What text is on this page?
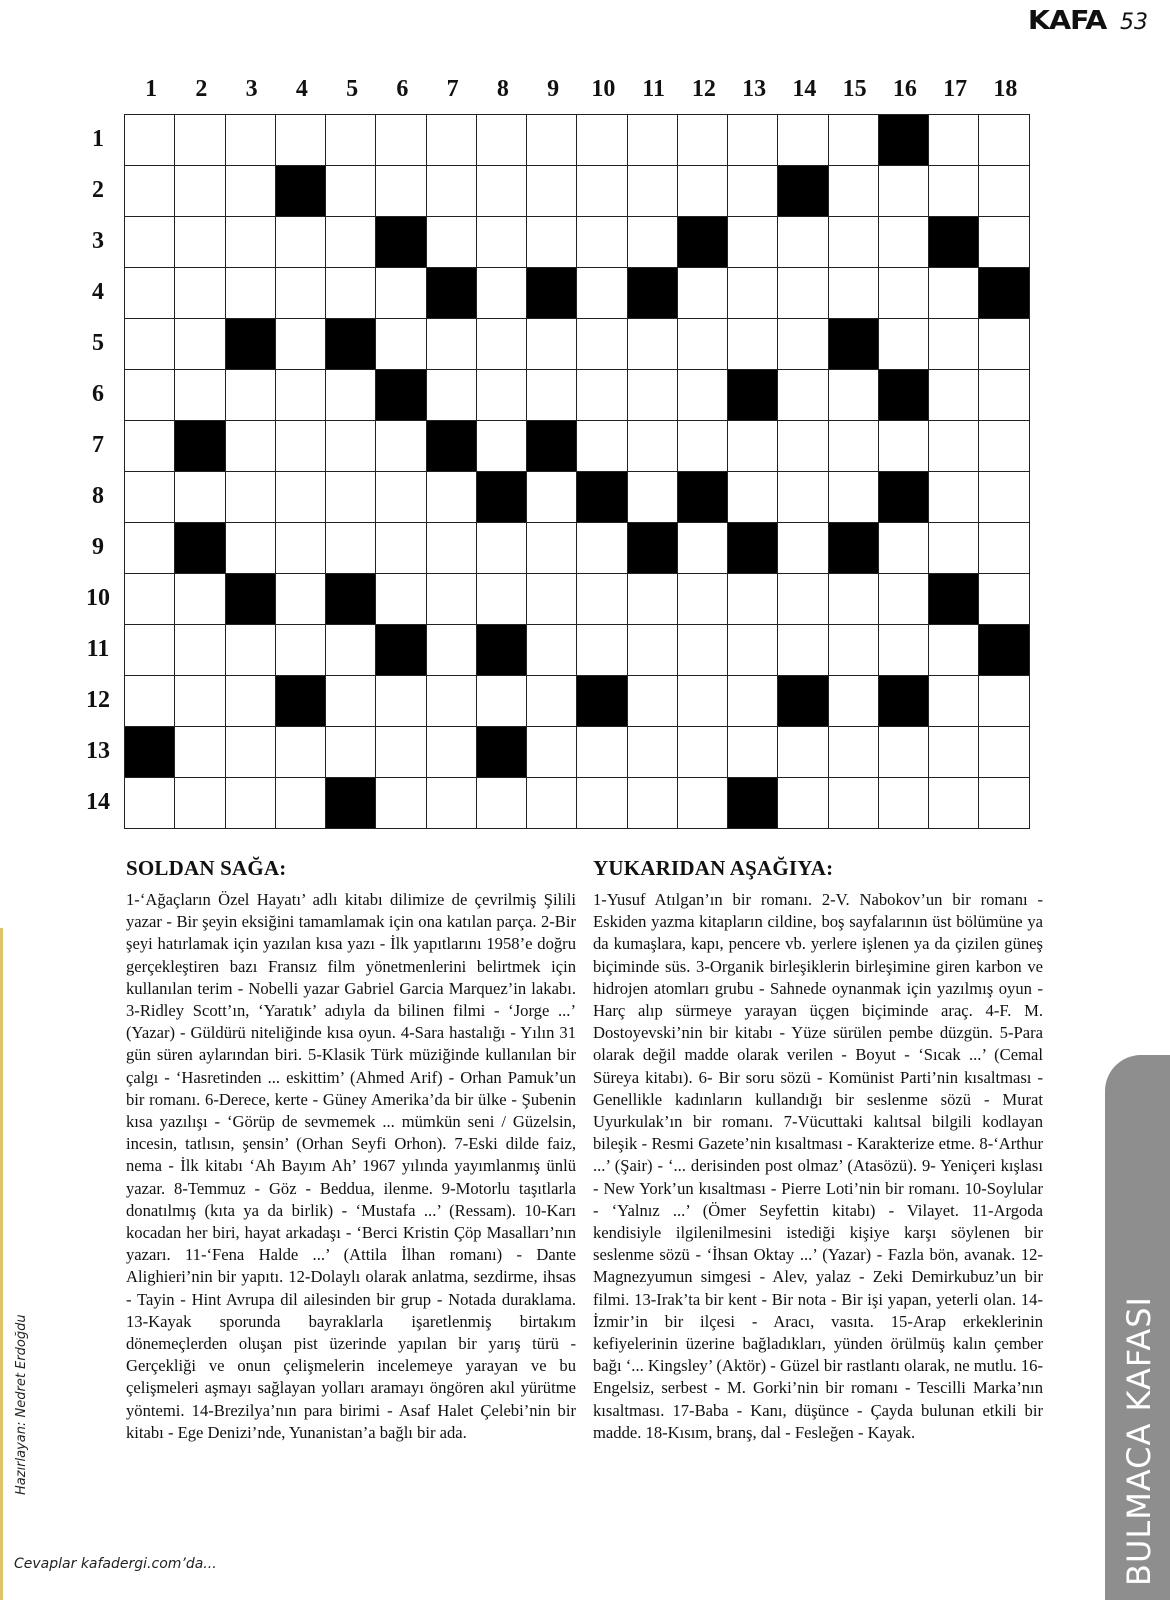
KAFA 53
1	2	3	4	5	6	7	8	9	10	11	12	13	14	15	16	17	18
1
2
3
4
5
6
7
8
9
10
11
12
13
14
SOLDAN SAĞA:

1-‘Ağaçların Özel Hayatı’ adlı kitabı dilimize de çevrilmiş Şilili yazar - Bir şeyin eksiğini tamamlamak için ona katılan parça. 2-Bir şeyi hatırlamak için yazılan kısa yazı - İlk yapıtlarını 1958’e doğru gerçekleştiren bazı Fransız film yönetmenlerini belirtmek için kullanılan terim - Nobelli yazar Gabriel Garcia Marquez’in lakabı. 3-Ridley Scott’ın, ‘Yaratık’ adıyla da bilinen filmi - ‘Jorge ...’ (Yazar) - Güldürü niteliğinde kısa oyun. 4-Sara hastalığı - Yılın 31 gün süren aylarından biri. 5-Klasik Türk müziğinde kullanılan bir çalgı - ‘Hasretinden ... eskittim’ (Ahmed Arif) - Orhan Pamuk’un bir romanı. 6-Derece, kerte - Güney Amerika’da bir ülke - Şubenin kısa yazılışı - ‘Görüp de sevmemek ... mümkün seni / Güzelsin, incesin, tatlısın, şensin’ (Orhan Seyfi Orhon). 7-Eski dilde faiz, nema - İlk kitabı ‘Ah Bayım Ah’ 1967 yılında yayımlanmış ünlü yazar. 8-Temmuz - Göz - Beddua, ilenme. 9-Motorlu taşıtlarla donatılmış (kıta ya da birlik) - ‘Mustafa ...’ (Ressam). 10-Karı kocadan her biri, hayat arkadaşı - ‘Berci Kristin Çöp Masalları’nın yazarı. 11-‘Fena Halde ...’ (Attila İlhan romanı) - Dante Alighieri’nin bir yapıtı. 12-Dolaylı olarak anlatma, sezdirme, ihsas - Tayin - Hint Avrupa dil ailesinden bir grup - Notada duraklama. 13-Kayak sporunda bayraklarla işaretlenmiş birtakım dönemeçlerden oluşan pist üzerinde yapılan bir yarış türü - Gerçekliği ve onun çelişmelerin incelemeye yarayan ve bu çelişmeleri aşmayı sağlayan yolları aramayı öngören akıl yürütme yöntemi. 14-Brezilya’nın para birimi - Asaf Halet Çelebi’nin bir kitabı - Ege Denizi’nde, Yunanistan’a bağlı bir ada.

YUKARIDAN AŞAĞIYA:

1-Yusuf Atılgan’ın bir romanı. 2-V. Nabokov’un bir romanı - Eskiden yazma kitapların cildine, boş sayfalarının üst bölümüne ya da kumaşlara, kapı, pencere vb. yerlere işlenen ya da çizilen güneş biçiminde süs. 3-Organik birleşiklerin birleşimine giren karbon ve hidrojen atomları grubu - Sahnede oynanmak için yazılmış oyun - Harç alıp sürmeye yarayan üçgen biçiminde araç. 4-F. M. Dostoyevski’nin bir kitabı - Yüze sürülen pembe düzgün. 5-Para olarak değil madde olarak verilen - Boyut - ‘Sıcak ...’ (Cemal Süreya kitabı). 6- Bir soru sözü - Komünist Parti’nin kısaltması - Genellikle kadınların kullandığı bir seslenme sözü - Murat Uyurkulak’ın bir romanı. 7-Vücuttaki kalıtsal bilgili kodlayan bileşik - Resmi Gazete’nin kısaltması - Karakterize etme. 8-‘Arthur ...’ (Şair) - ‘... derisinden post olmaz’ (Atasözü). 9- Yeniçeri kışlası - New York’un kısaltması - Pierre Loti’nin bir romanı. 10-Soylular - ‘Yalnız ...’ (Ömer Seyfettin kitabı) - Vilayet. 11-Argoda kendisiyle ilgilenilmesini istediği kişiye karşı söylenen bir seslenme sözü - ‘İhsan Oktay ...’ (Yazar) - Fazla bön, avanak. 12-Magnezyumun simgesi - Alev, yalaz - Zeki Demirkubuz’un bir filmi. 13-Irak’ta bir kent - Bir nota - Bir işi yapan, yeterli olan. 14-İzmir’in bir ilçesi - Aracı, vasıta. 15-Arap erkeklerinin kefiyelerinin üzerine bağladıkları, yünden örülmüş kalın çember bağı ‘... Kingsley’ (Aktör) - Güzel bir rastlantı olarak, ne mutlu. 16-Engelsiz, serbest - M. Gorki’nin bir romanı - Tescilli Marka’nın kısaltması. 17-Baba - Kanı, düşünce - Çayda bulunan etkili bir madde. 18-Kısım, branş, dal - Fesleğen - Kayak.

Hazırlayan: Nedret Erdoğdu
Cevaplar kafadergi.com’da...	BULMACA KAFASI
